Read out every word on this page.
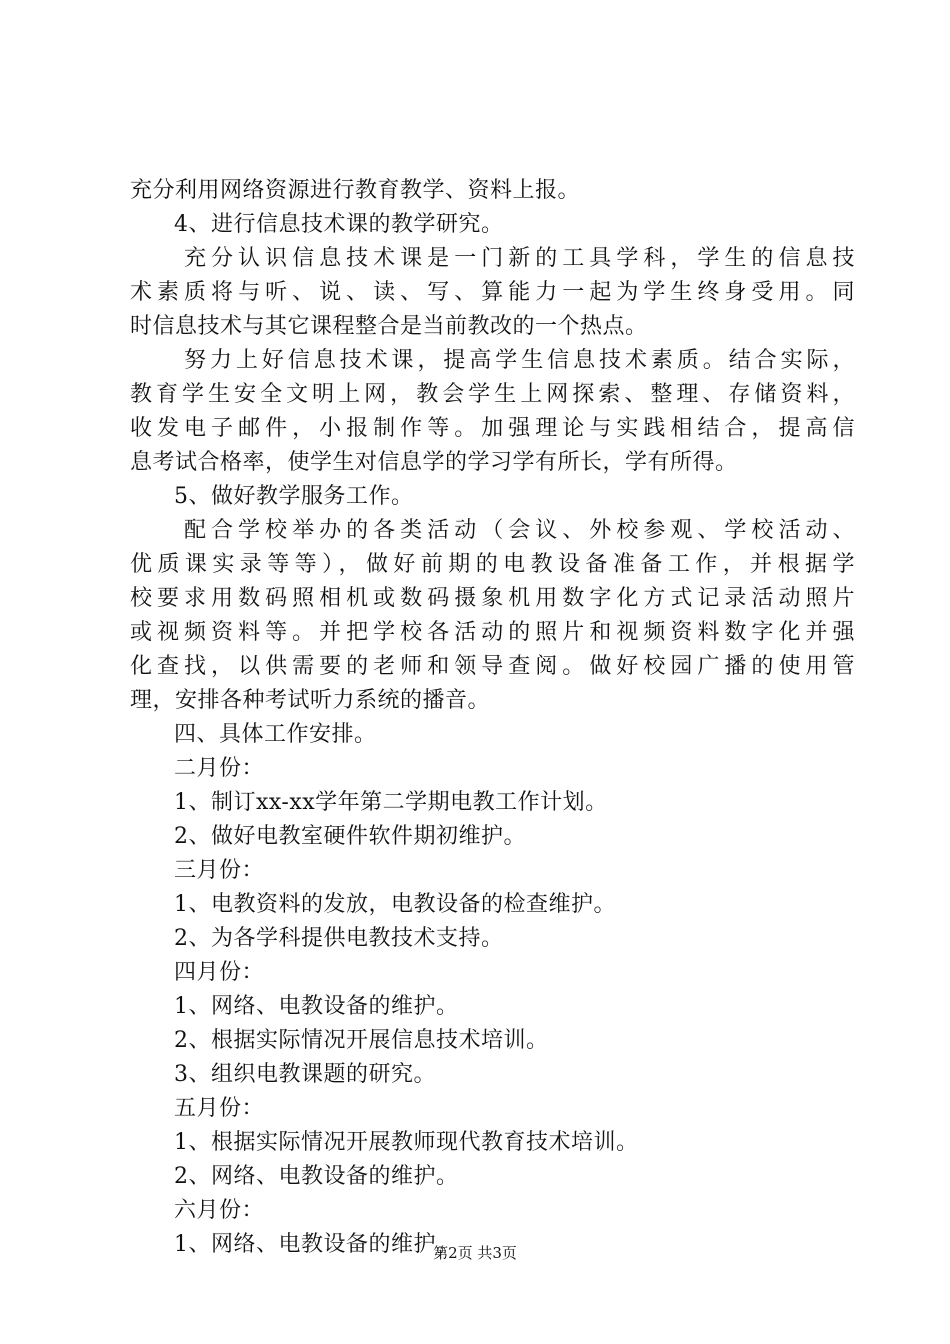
充分利用网络资源进行教育教学、资料上报。
4、进行信息技术课的教学研究。
充分认识信息技术课是一门新的工具学科，学生的信息技
术素质将与听、说、读、写、算能力一起为学生终身受用。同
时信息技术与其它课程整合是当前教改的一个热点。
努力上好信息技术课，提高学生信息技术素质。结合实际，
教育学生安全文明上网，教会学生上网探索、整理、存储资料，
收发电子邮件，小报制作等。加强理论与实践相结合，提高信
息考试合格率，使学生对信息学的学习学有所长，学有所得。
5、做好教学服务工作。
配合学校举办的各类活动（会议、外校参观、学校活动、
优质课实录等等），做好前期的电教设备准备工作，并根据学
校要求用数码照相机或数码摄象机用数字化方式记录活动照片
或视频资料等。并把学校各活动的照片和视频资料数字化并强
化查找，以供需要的老师和领导查阅。做好校园广播的使用管
理，安排各种考试听力系统的播音。
四、具体工作安排。
二月份：
1、制订xx-xx学年第二学期电教工作计划。
2、做好电教室硬件软件期初维护。
三月份：
1、电教资料的发放，电教设备的检查维护。
2、为各学科提供电教技术支持。
四月份：
1、网络、电教设备的维护。
2、根据实际情况开展信息技术培训。
3、组织电教课题的研究。
五月份：
1、根据实际情况开展教师现代教育技术培训。
2、网络、电教设备的维护。
六月份：
1、网络、电教设备的维护。
第2页 共3页
